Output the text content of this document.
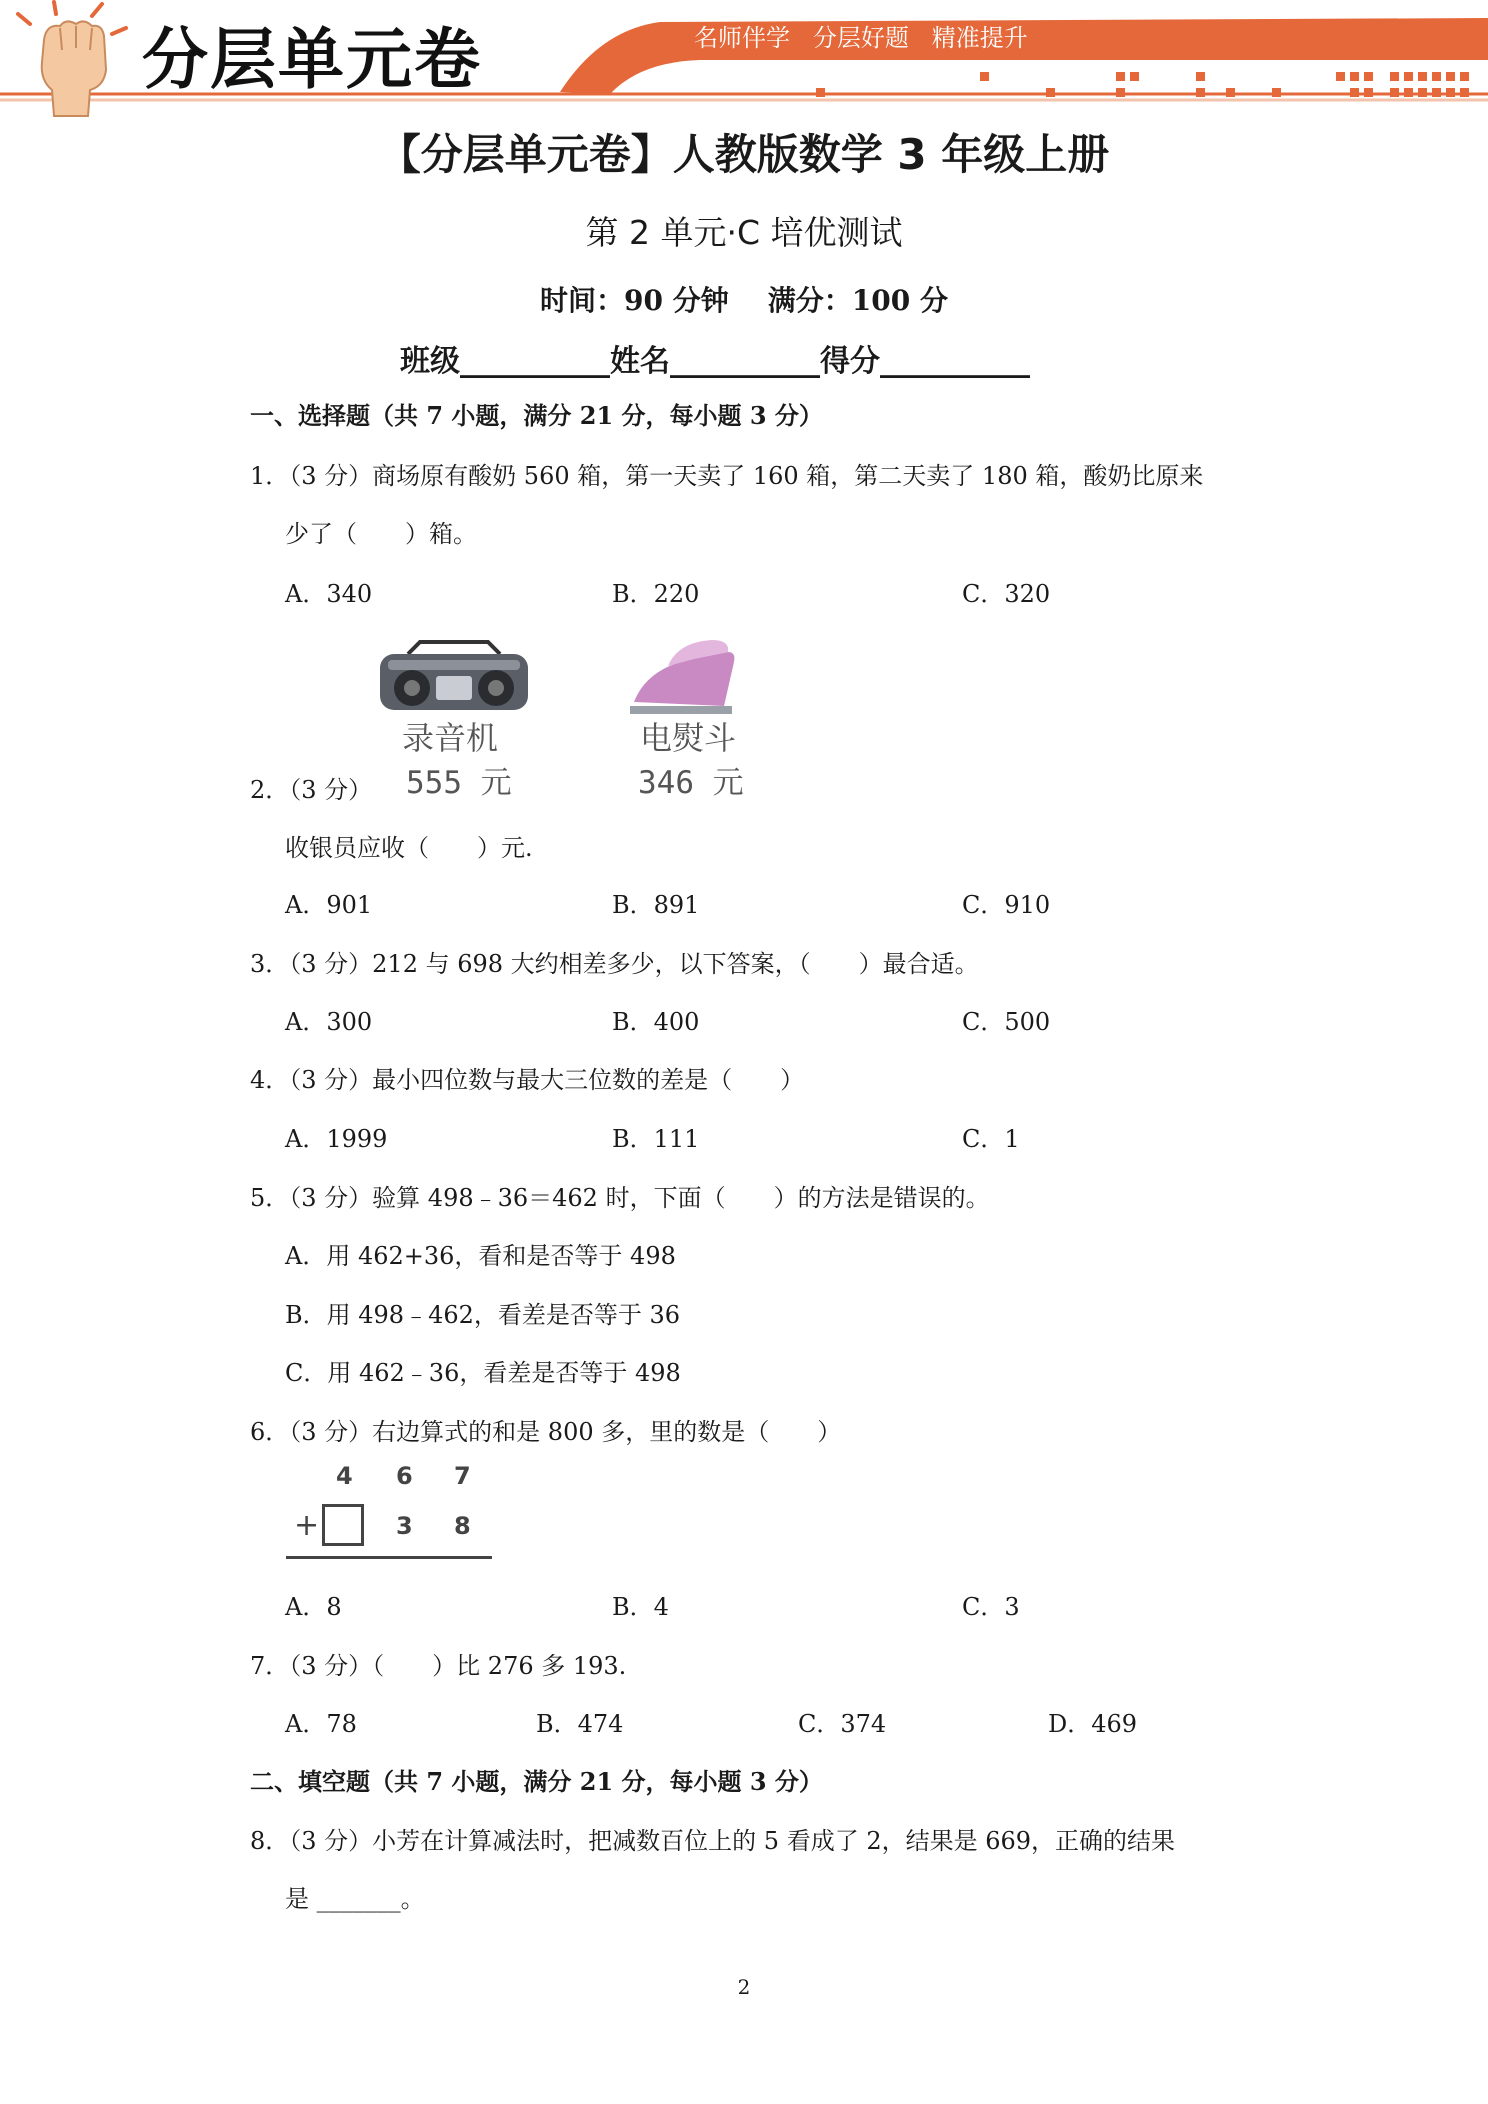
分层单元卷	名师伴学   分层好题   精准提升
【分层单元卷】人教版数学 3 年级上册
第 2 单元·C 培优测试
时间：90 分钟    满分：100 分
班级__________姓名__________得分__________
一、选择题（共 7 小题，满分 21 分，每小题 3 分）
1．（3 分）商场原有酸奶 560 箱，第一天卖了 160 箱，第二天卖了 180 箱，酸奶比原来
少了（　　）箱。
A．340	B．220	C．320
录音机
555 元
电熨斗
346 元
2．（3 分）
收银员应收（　　）元.
A．901	B．891	C．910
3．（3 分）212 与 698 大约相差多少，以下答案，（　　）最合适。
A．300	B．400	C．500
4．（3 分）最小四位数与最大三位数的差是（　　）
A．1999	B．111	C．1
5．（3 分）验算 498﹣36＝462 时，下面（　　）的方法是错误的。
A．用 462+36，看和是否等于 498
B．用 498﹣462，看差是否等于 36
C．用 462﹣36，看差是否等于 498
6．（3 分）右边算式的和是 800 多，里的数是（　　）
4 6 7
+	3 8
A．8	B．4	C．3
7．（3 分）（　　）比 276 多 193.
A．78	B．474	C．374	D．469
二、填空题（共 7 小题，满分 21 分，每小题 3 分）
8．（3 分）小芳在计算减法时，把减数百位上的 5 看成了 2，结果是 669，正确的结果
是 _______。
2
